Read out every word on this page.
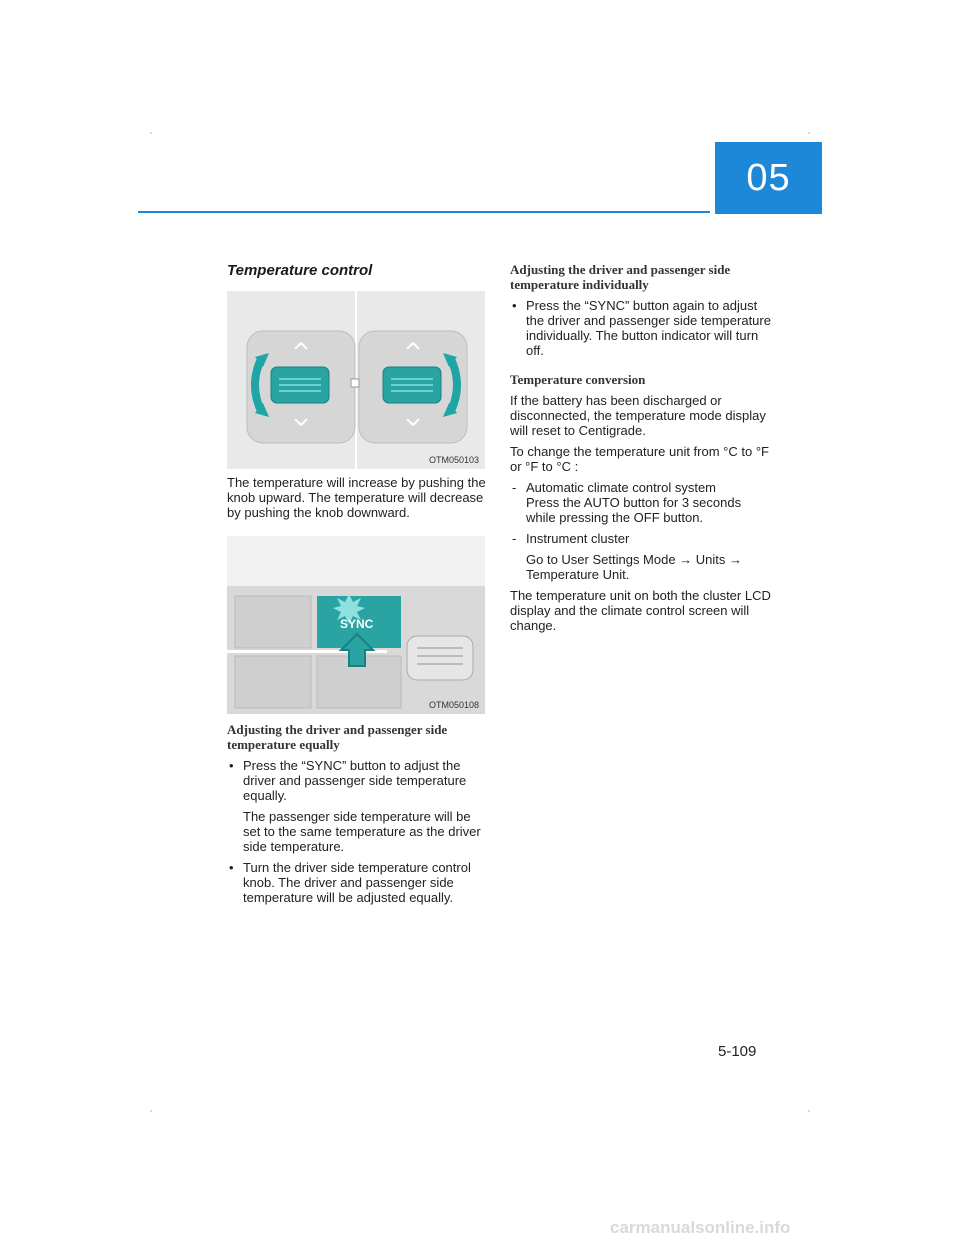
05
Temperature control
OTM050103

The temperature will increase by pushing the knob upward. The temperature will decrease by pushing the knob downward.

SYNC
OTM050108
Adjusting the driver and passenger side temperature equally
• Press the “SYNC” button to adjust the driver and passenger side temperature equally.
The passenger side temperature will be set to the same temperature as the driver side temperature.
• Turn the driver side temperature control knob. The driver and passenger side temperature will be adjusted equally.
Adjusting the driver and passenger side temperature individually
• Press the “SYNC” button again to adjust the driver and passenger side temperature individually. The button indicator will turn off.
Temperature conversion

If the battery has been discharged or disconnected, the temperature mode display will reset to Centigrade.

To change the temperature unit from °C to °F or °F to °C :

- Automatic climate control system
Press the AUTO button for 3 seconds while pressing the OFF button.
- Instrument cluster
Go to User Settings Mode → Units → Temperature Unit.

The temperature unit on both the cluster LCD display and the climate control screen will change.

5-109
carmanualsonline.info
